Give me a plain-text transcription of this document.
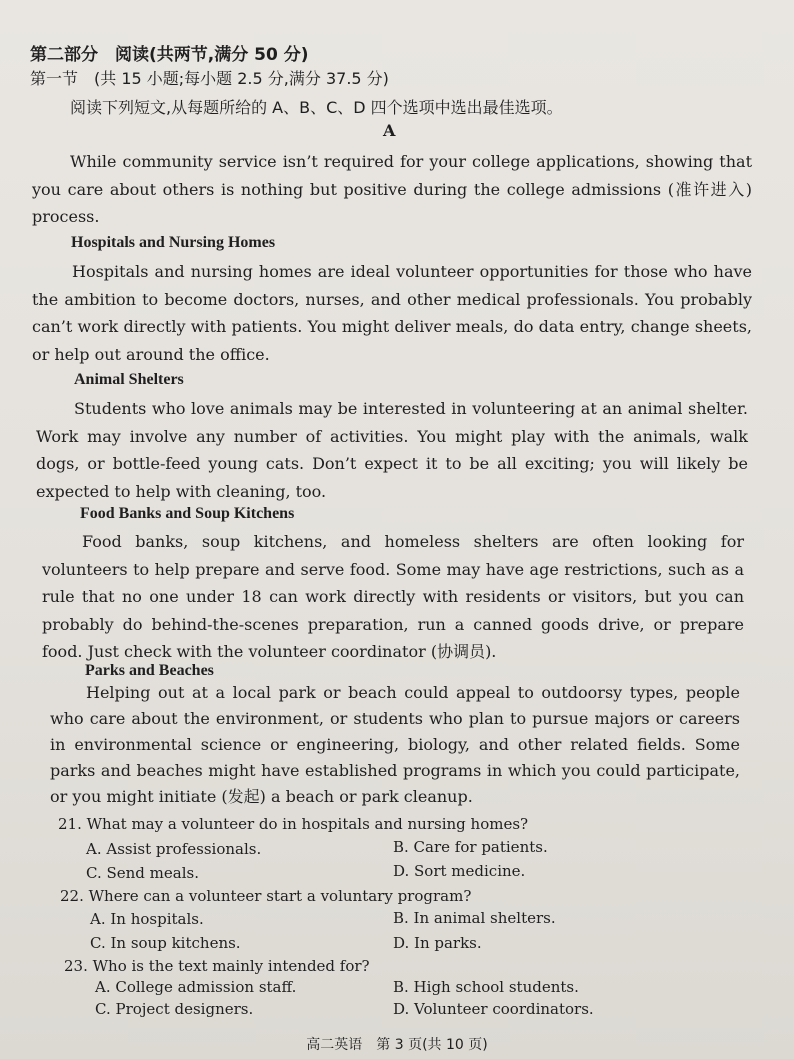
第二部分　阅读(共两节,满分 50 分)
第一节　(共 15 小题;每小题 2.5 分,满分 37.5 分)
阅读下列短文,从每题所给的 A、B、C、D 四个选项中选出最佳选项。
A
While community service isn’t required for your college applications, showing that you care about others is nothing but positive during the college admissions (准许进入) process.
Hospitals and Nursing Homes
Hospitals and nursing homes are ideal volunteer opportunities for those who have the ambition to become doctors, nurses, and other medical professionals. You probably can’t work directly with patients. You might deliver meals, do data entry, change sheets, or help out around the office.
Animal Shelters
Students who love animals may be interested in volunteering at an animal shelter. Work may involve any number of activities. You might play with the animals, walk dogs, or bottle-feed young cats. Don’t expect it to be all exciting; you will likely be expected to help with cleaning, too.
Food Banks and Soup Kitchens
Food banks, soup kitchens, and homeless shelters are often looking for volunteers to help prepare and serve food. Some may have age restrictions, such as a rule that no one under 18 can work directly with residents or visitors, but you can probably do behind-the-scenes preparation, run a canned goods drive, or prepare food. Just check with the volunteer coordinator (协调员).
Parks and Beaches
Helping out at a local park or beach could appeal to outdoorsy types, people who care about the environment, or students who plan to pursue majors or careers in environmental science or engineering, biology, and other related fields. Some parks and beaches might have established programs in which you could participate, or you might initiate (发起) a beach or park cleanup.
21. What may a volunteer do in hospitals and nursing homes?
A. Assist professionals.	B. Care for patients.
C. Send meals.	D. Sort medicine.
22. Where can a volunteer start a voluntary program?
A. In hospitals.	B. In animal shelters.
C. In soup kitchens.	D. In parks.
23. Who is the text mainly intended for?
A. College admission staff.	B. High school students.
C. Project designers.	D. Volunteer coordinators.
高二英语　第 3 页(共 10 页)
